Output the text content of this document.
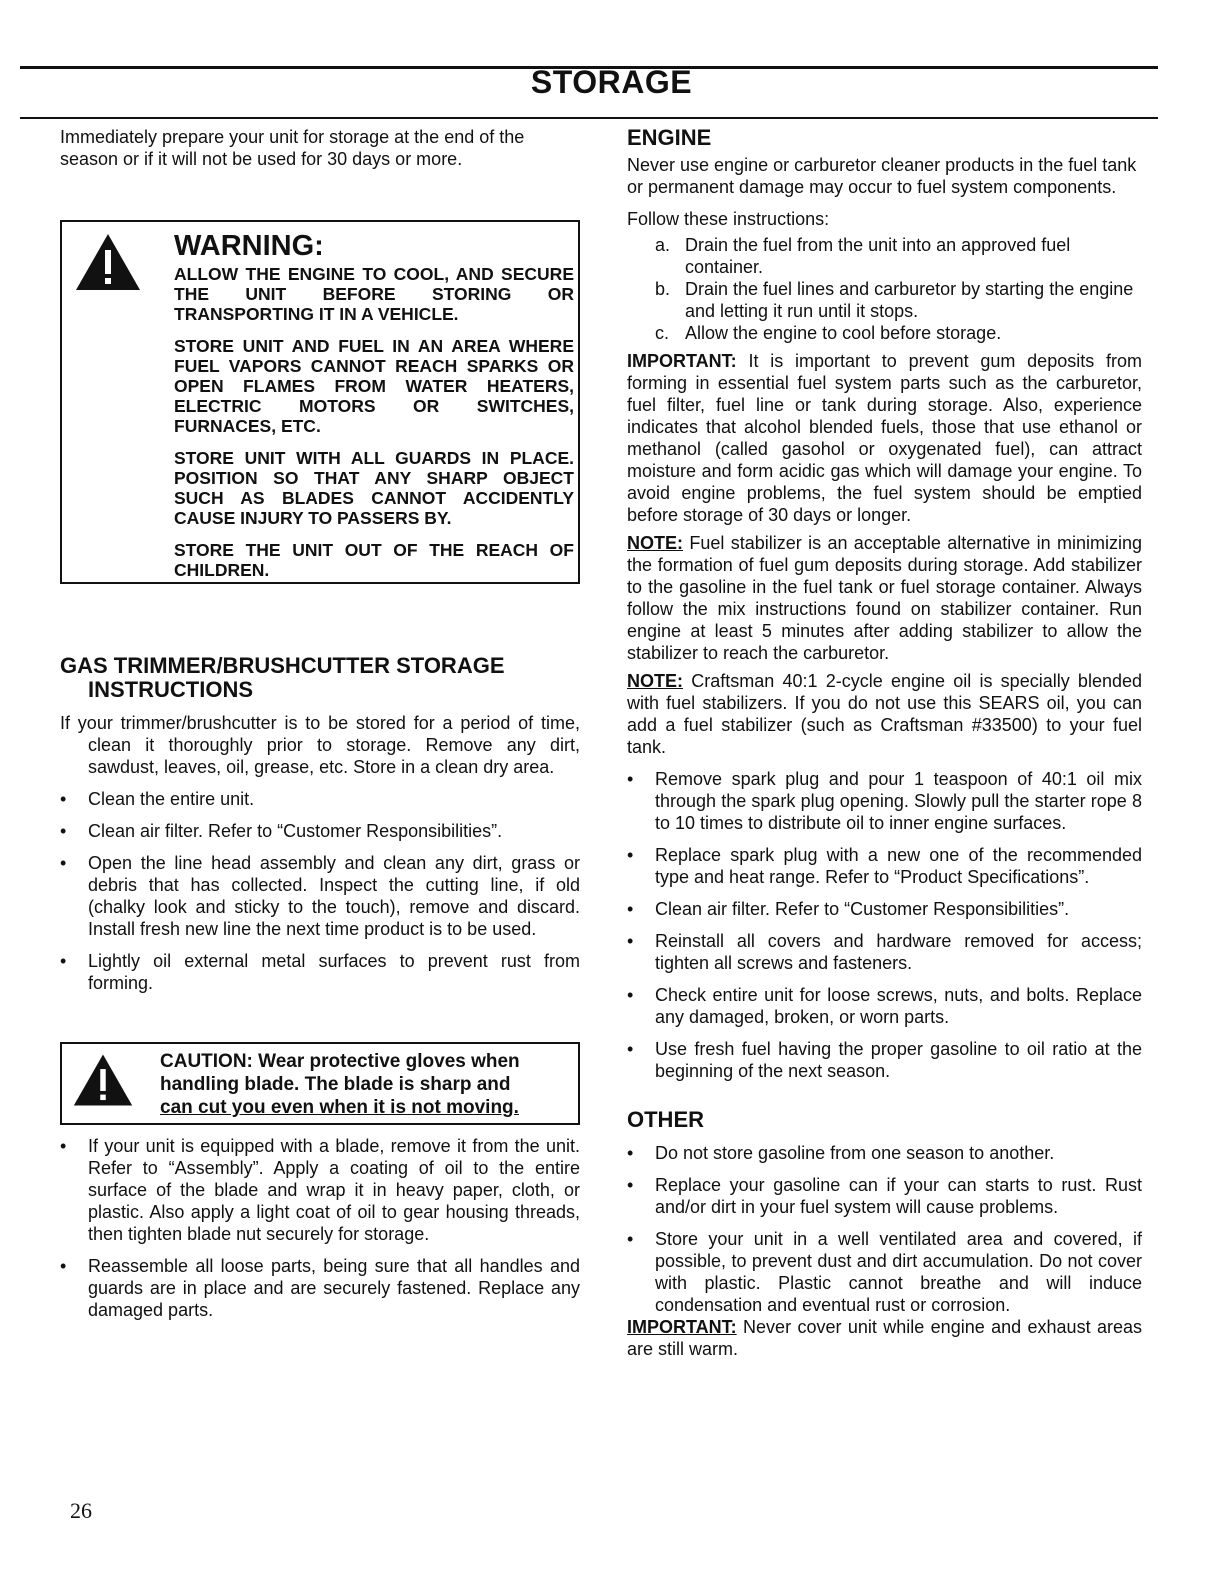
STORAGE

Immediately prepare your unit for storage at the end of the season or if it will not be used for 30 days or more.

WARNING:

ALLOW THE ENGINE TO COOL, AND SECURE THE UNIT BEFORE STORING OR TRANSPORTING IT IN A VEHICLE.

STORE UNIT AND FUEL IN AN AREA WHERE FUEL VAPORS CANNOT REACH SPARKS OR OPEN FLAMES FROM WATER HEATERS, ELECTRIC MOTORS OR SWITCHES, FURNACES, ETC.

STORE UNIT WITH ALL GUARDS IN PLACE. POSITION SO THAT ANY SHARP OBJECT SUCH AS BLADES CANNOT ACCIDENTLY CAUSE INJURY TO PASSERS BY.

STORE THE UNIT OUT OF THE REACH OF CHILDREN.

GAS TRIMMER/BRUSHCUTTER STORAGE
INSTRUCTIONS

If your trimmer/brushcutter is to be stored for a period of time, clean it thoroughly prior to storage. Remove any dirt, sawdust, leaves, oil, grease, etc. Store in a clean dry area.

• Clean the entire unit.
• Clean air filter. Refer to “Customer Responsibilities”.
• Open the line head assembly and clean any dirt, grass or debris that has collected. Inspect the cutting line, if old (chalky look and sticky to the touch), remove and discard. Install fresh new line the next time product is to be used.
• Lightly oil external metal surfaces to prevent rust from forming.
CAUTION: Wear protective gloves when
handling blade. The blade is sharp and
can cut you even when it is not moving.
• If your unit is equipped with a blade, remove it from the unit. Refer to “Assembly”. Apply a coating of oil to the entire surface of the blade and wrap it in heavy paper, cloth, or plastic. Also apply a light coat of oil to gear housing threads, then tighten blade nut securely for storage.
• Reassemble all loose parts, being sure that all handles and guards are in place and are securely fastened. Replace any damaged parts.
ENGINE

Never use engine or carburetor cleaner products in the fuel tank or permanent damage may occur to fuel system components.

Follow these instructions:

a. Drain the fuel from the unit into an approved fuel container.
b. Drain the fuel lines and carburetor by starting the engine and letting it run until it stops.
c. Allow the engine to cool before storage.

IMPORTANT: It is important to prevent gum deposits from forming in essential fuel system parts such as the carburetor, fuel filter, fuel line or tank during storage. Also, experience indicates that alcohol blended fuels, those that use ethanol or methanol (called gasohol or oxygenated fuel), can attract moisture and form acidic gas which will damage your engine. To avoid engine problems, the fuel system should be emptied before storage of 30 days or longer.

NOTE: Fuel stabilizer is an acceptable alternative in minimizing the formation of fuel gum deposits during storage. Add stabilizer to the gasoline in the fuel tank or fuel storage container. Always follow the mix instructions found on stabilizer container. Run engine at least 5 minutes after adding stabilizer to allow the stabilizer to reach the carburetor.

NOTE: Craftsman 40:1 2-cycle engine oil is specially blended with fuel stabilizers. If you do not use this SEARS oil, you can add a fuel stabilizer (such as Craftsman #33500) to your fuel tank.

• Remove spark plug and pour 1 teaspoon of 40:1 oil mix through the spark plug opening. Slowly pull the starter rope 8 to 10 times to distribute oil to inner engine surfaces.
• Replace spark plug with a new one of the recommended type and heat range. Refer to “Product Specifications”.
• Clean air filter. Refer to “Customer Responsibilities”.
• Reinstall all covers and hardware removed for access; tighten all screws and fasteners.
• Check entire unit for loose screws, nuts, and bolts. Replace any damaged, broken, or worn parts.
• Use fresh fuel having the proper gasoline to oil ratio at the beginning of the next season.
OTHER
• Do not store gasoline from one season to another.
• Replace your gasoline can if your can starts to rust. Rust and/or dirt in your fuel system will cause problems.
• Store your unit in a well ventilated area and covered, if possible, to prevent dust and dirt accumulation. Do not cover with plastic. Plastic cannot breathe and will induce condensation and eventual rust or corrosion.

IMPORTANT: Never cover unit while engine and exhaust areas are still warm.

26
